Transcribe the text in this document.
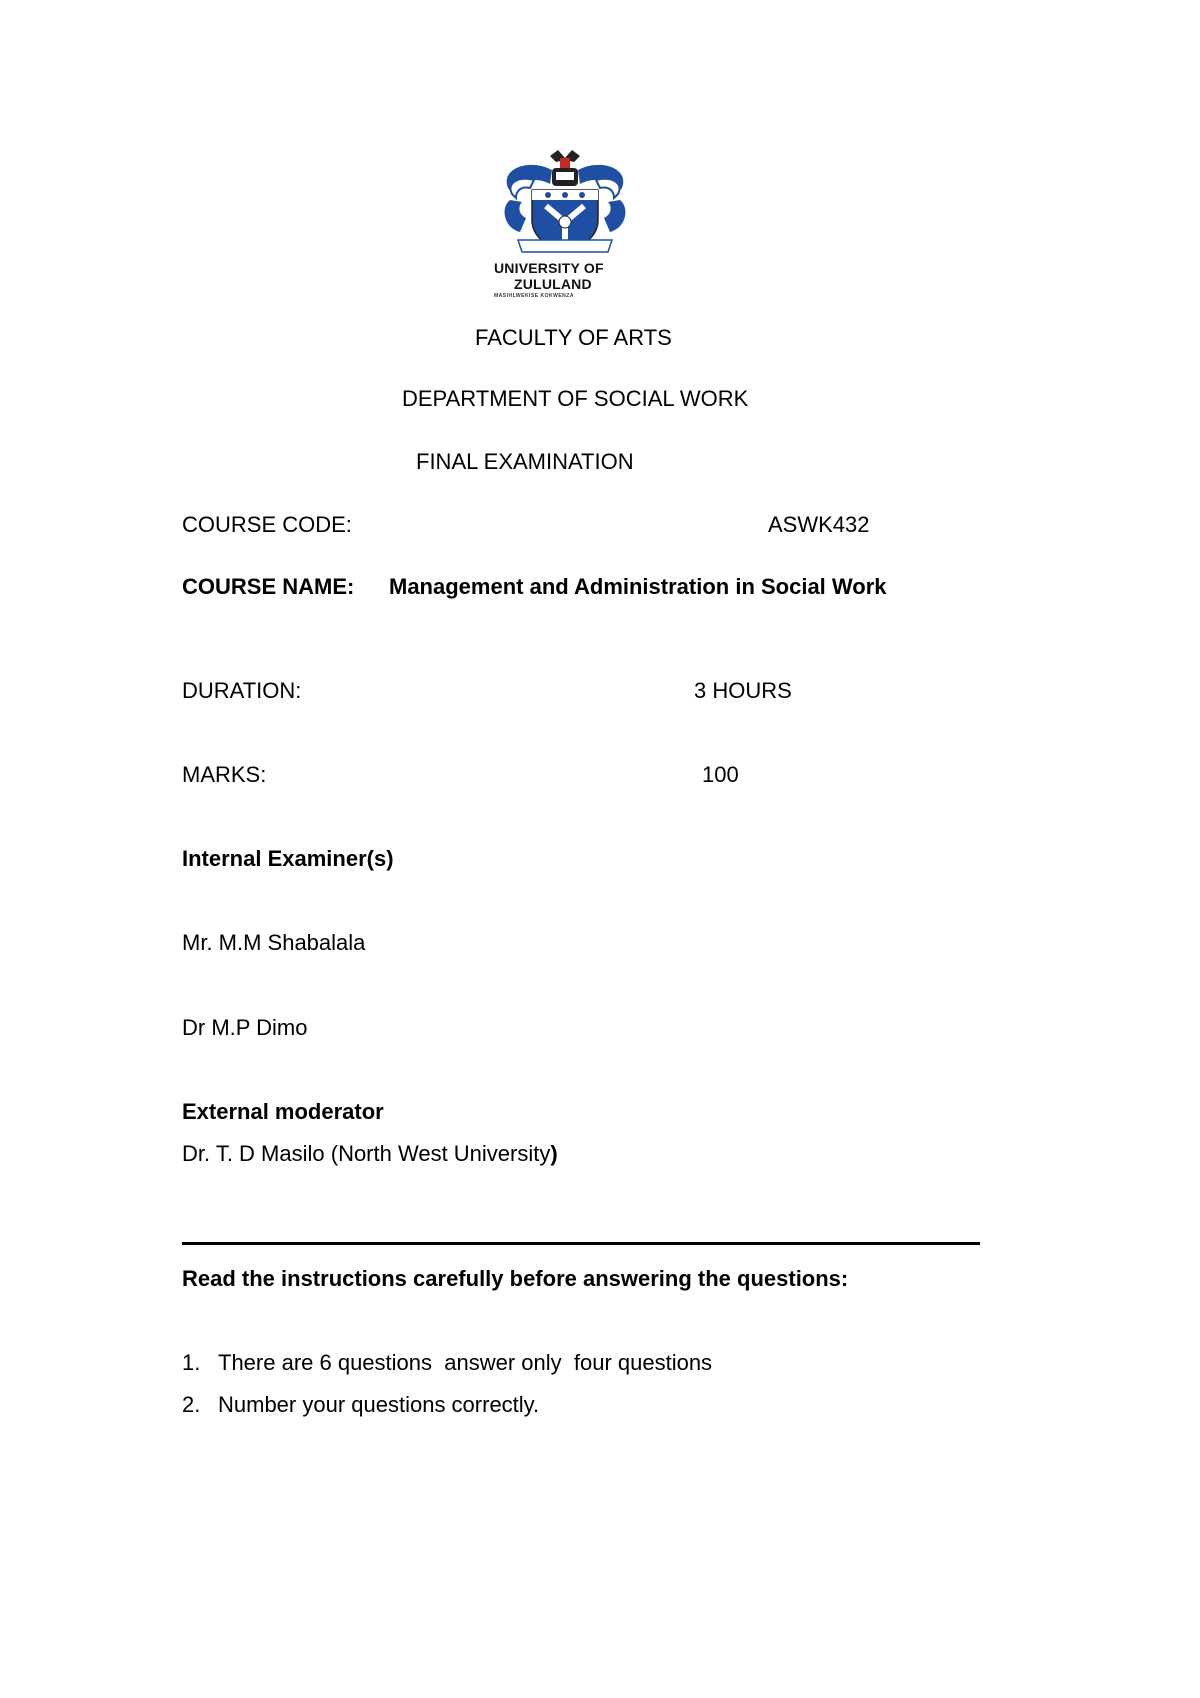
UNIVERSITY OF
ZULULAND
MASIHLWEKISE KOKWENZA
FACULTY OF ARTS
DEPARTMENT OF SOCIAL WORK
FINAL EXAMINATION
COURSE CODE:	ASWK432
COURSE NAME: Management and Administration in Social Work
DURATION:	3 HOURS
MARKS:	100
Internal Examiner(s)
Mr. M.M Shabalala
Dr M.P Dimo
External moderator
Dr. T. D Masilo (North West University)
Read the instructions carefully before answering the questions:
1. There are 6 questions  answer only  four questions
2. Number your questions correctly.
